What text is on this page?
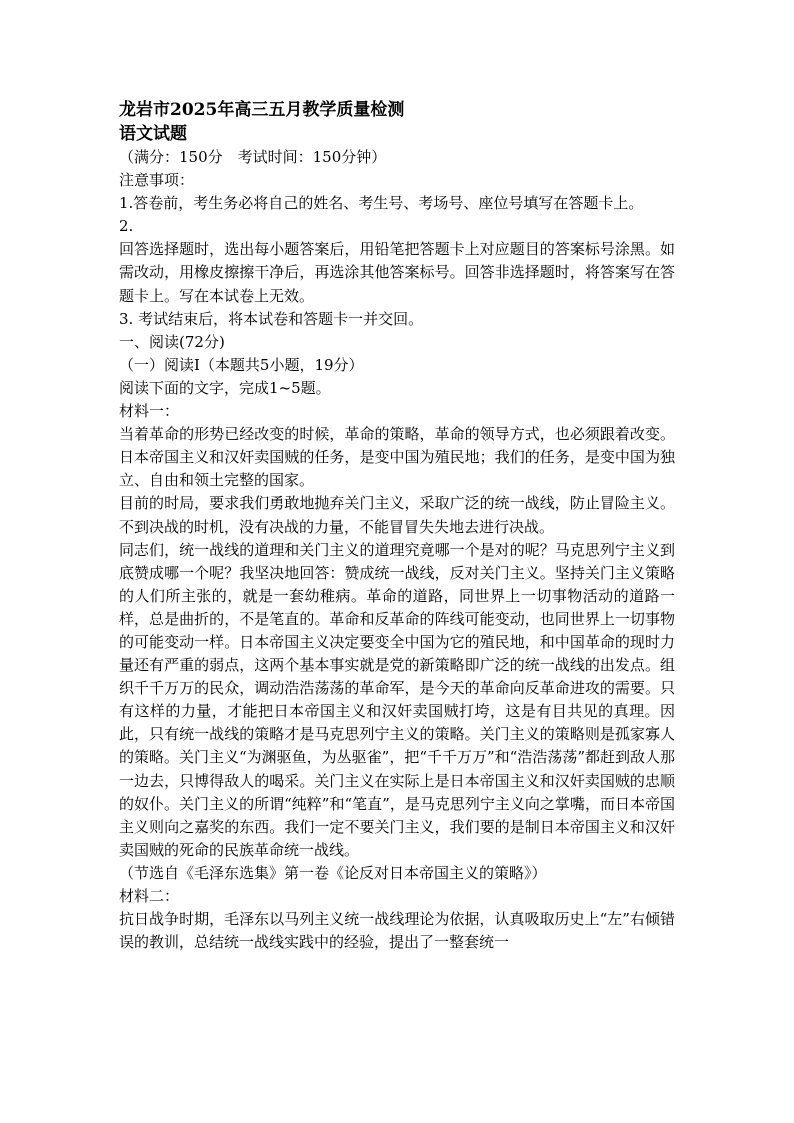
龙岩市2025年高三五月教学质量检测
语文试题
（满分：150分　考试时间：150分钟）
注意事项：
1.答卷前，考生务必将自己的姓名、考生号、考场号、座位号填写在答题卡上。
2.
回答选择题时，选出每小题答案后，用铅笔把答题卡上对应题目的答案标号涂黑。如需改动，用橡皮擦擦干净后，再选涂其他答案标号。回答非选择题时，将答案写在答题卡上。写在本试卷上无效。
3. 考试结束后，将本试卷和答题卡一并交回。
一、阅读(72分)
（一）阅读Ⅰ（本题共5小题，19分）
阅读下面的文字，完成1~5题。
材料一：
当着革命的形势已经改变的时候，革命的策略，革命的领导方式，也必须跟着改变。日本帝国主义和汉奸卖国贼的任务，是变中国为殖民地；我们的任务，是变中国为独立、自由和领土完整的国家。
目前的时局，要求我们勇敢地抛弃关门主义，采取广泛的统一战线，防止冒险主义。不到决战的时机，没有决战的力量，不能冒冒失失地去进行决战。
同志们，统一战线的道理和关门主义的道理究竟哪一个是对的呢？马克思列宁主义到底赞成哪一个呢？我坚决地回答：赞成统一战线，反对关门主义。坚持关门主义策略的人们所主张的，就是一套幼稚病。革命的道路，同世界上一切事物活动的道路一样，总是曲折的，不是笔直的。革命和反革命的阵线可能变动，也同世界上一切事物的可能变动一样。日本帝国主义决定要变全中国为它的殖民地，和中国革命的现时力量还有严重的弱点，这两个基本事实就是党的新策略即广泛的统一战线的出发点。组织千千万万的民众，调动浩浩荡荡的革命军，是今天的革命向反革命进攻的需要。只有这样的力量，才能把日本帝国主义和汉奸卖国贼打垮，这是有目共见的真理。因此，只有统一战线的策略才是马克思列宁主义的策略。关门主义的策略则是孤家寡人的策略。关门主义“为渊驱鱼，为丛驱雀”，把“千千万万”和“浩浩荡荡”都赶到敌人那一边去，只博得敌人的喝采。关门主义在实际上是日本帝国主义和汉奸卖国贼的忠顺的奴仆。关门主义的所谓“纯粹”和“笔直”，是马克思列宁主义向之掌嘴，而日本帝国主义则向之嘉奖的东西。我们一定不要关门主义，我们要的是制日本帝国主义和汉奸卖国贼的死命的民族革命统一战线。
（节选自《毛泽东选集》第一卷《论反对日本帝国主义的策略》）
材料二：
抗日战争时期，毛泽东以马列主义统一战线理论为依据，认真吸取历史上“左”右倾错误的教训，总结统一战线实践中的经验，提出了一整套统一
